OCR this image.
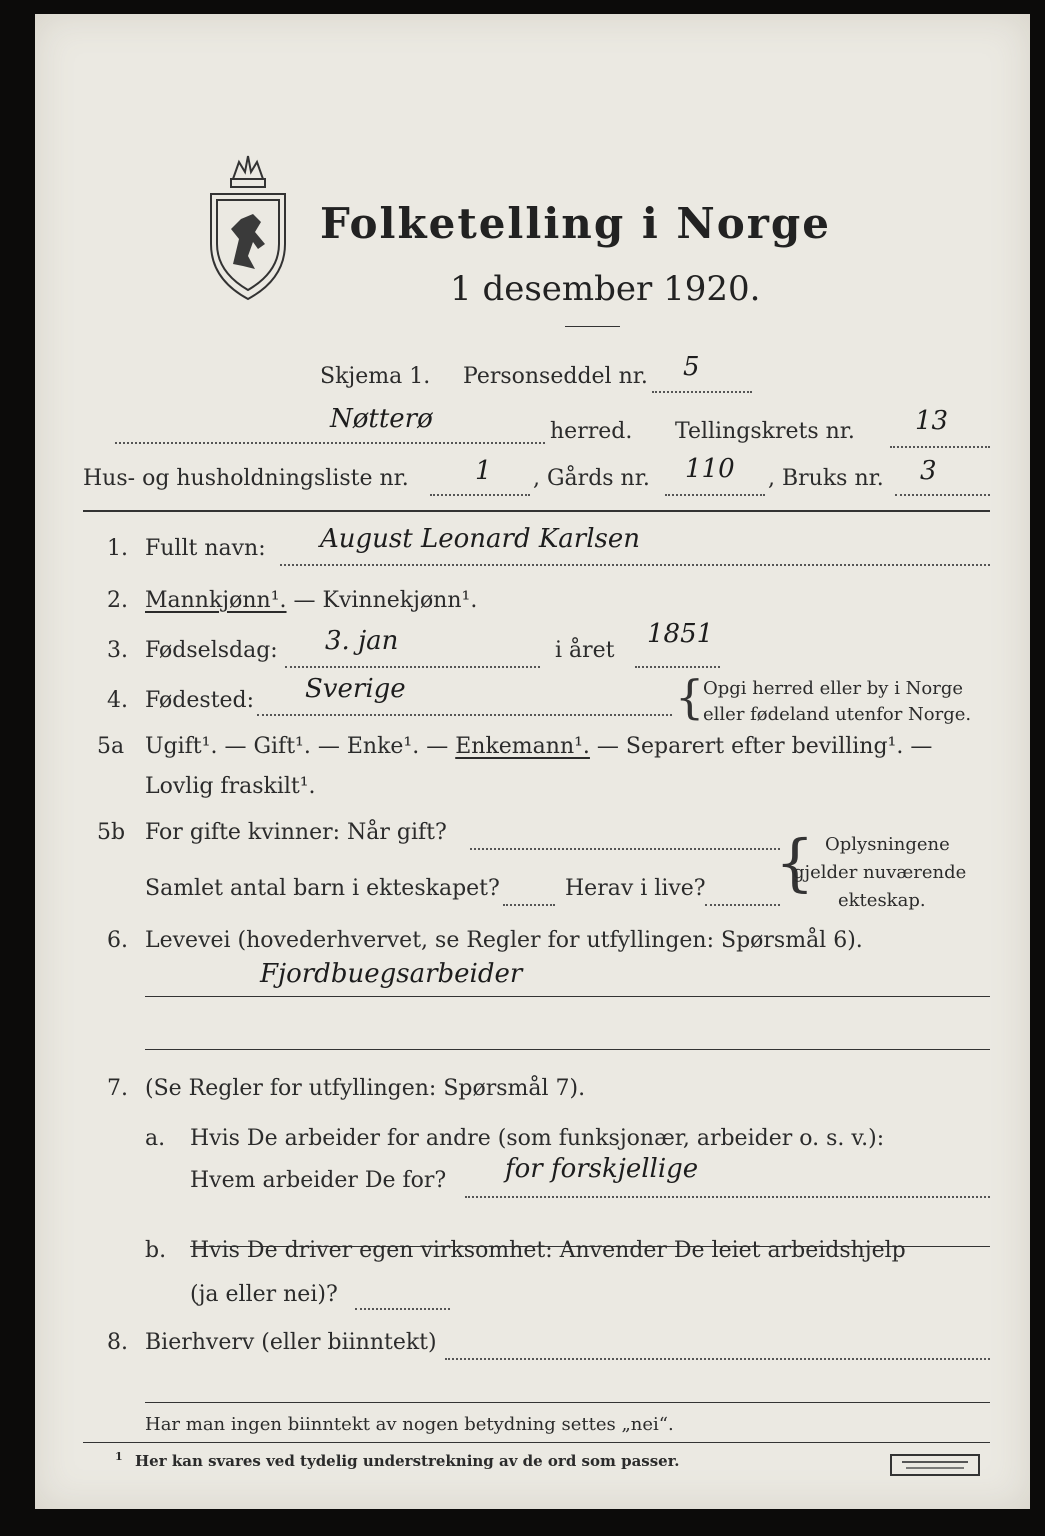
Folketelling i Norge
1 desember 1920.
Skjema 1. Personseddel nr. 5
Nøtterø	herred. Tellingskrets nr. 13
Hus- og husholdningsliste nr.	1 , Gårds nr. 110 , Bruks nr. 3
1. Fullt navn: August Leonard Karlsen
2. Mannkjønn¹. — Kvinnekjønn¹.
3. Fødselsdag: 3. jan	i året
1851
4. Fødested: Sverige	{
Opgi herred eller by i Norge
eller fødeland utenfor Norge.
5a Ugift¹. — Gift¹. — Enke¹. — Enkemann¹. — Separert efter bevilling¹. —
Lovlig fraskilt¹.
5b For gifte kvinner: Når gift?
Samlet antal barn i ekteskapet?	Herav i live? { Oplysningene
gjelder nuværende
ekteskap.
6. Levevei (hovederhvervet, se Regler for utfyllingen: Spørsmål 6).
Fjordbuegsarbeider
7. (Se Regler for utfyllingen: Spørsmål 7).
a. Hvis De arbeider for andre (som funksjonær, arbeider o. s. v.):
Hvem arbeider De for? for forskjellige
b. Hvis De driver egen virksomhet: Anvender De leiet arbeidshjelp
(ja eller nei)?
8. Bierhverv (eller biinntekt)
Har man ingen biinntekt av nogen betydning settes „nei“.
1 Her kan svares ved tydelig understrekning av de ord som passer.
